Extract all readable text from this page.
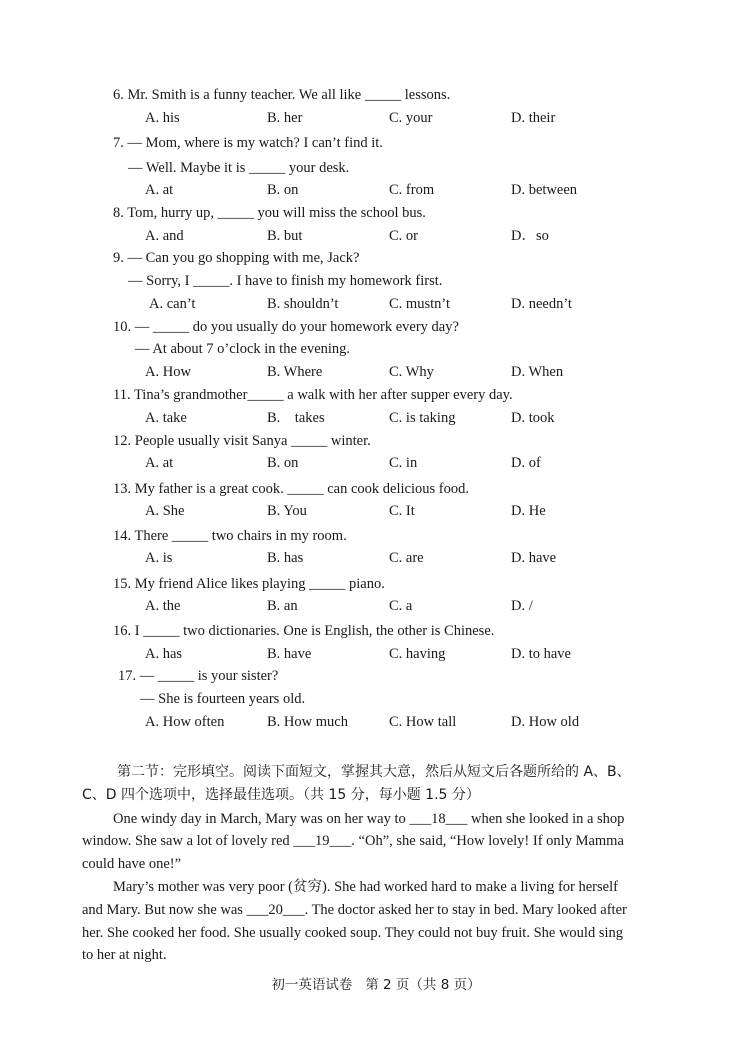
6. Mr. Smith is a funny teacher. We all like _____ lessons.
A. his	B. her	C. your	D. their
7. — Mom, where is my watch? I can’t find it.
— Well. Maybe it is _____ your desk.
A. at	B. on	C. from	D. between
8. Tom, hurry up, _____ you will miss the school bus.
A. and	B. but	C. or	D．so
9. — Can you go shopping with me, Jack?
— Sorry, I _____. I have to finish my homework first.
A. can’t	B. shouldn’t	C. mustn’t	D. needn’t
10. — _____ do you usually do your homework every day?
— At about 7 o’clock in the evening.
A. How	B. Where	C. Why	D. When
11. Tina’s grandmother_____ a walk with her after supper every day.
A. take	B.    takes	C. is taking	D. took
12. People usually visit Sanya _____ winter.
A. at	B. on	C. in	D. of
13. My father is a great cook. _____ can cook delicious food.
A. She	B. You	C. It	D. He
14. There _____ two chairs in my room.
A. is	B. has	C. are	D. have
15. My friend Alice likes playing _____ piano.
A. the	B. an	C. a	D. /
16. I _____ two dictionaries. One is English, the other is Chinese.
A. has	B. have	C. having	D. to have
17. — _____ is your sister?
— She is fourteen years old.
A. How often	B. How much	C. How tall	D. How old
第二节：完形填空。阅读下面短文，掌握其大意，然后从短文后各题所给的 A、B、
C、D 四个选项中，选择最佳选项。（共 15 分，每小题 1.5 分）
One windy day in March, Mary was on her way to ___18___ when she looked in a shop
window. She saw a lot of lovely red ___19___. “Oh”, she said, “How lovely! If only Mamma
could have one!”
Mary’s mother was very poor (贫穷). She had worked hard to make a living for herself
and Mary. But now she was ___20___. The doctor asked her to stay in bed. Mary looked after
her. She cooked her food. She usually cooked soup. They could not buy fruit. She would sing
to her at night.
初一英语试卷   第 2 页（共 8 页）
